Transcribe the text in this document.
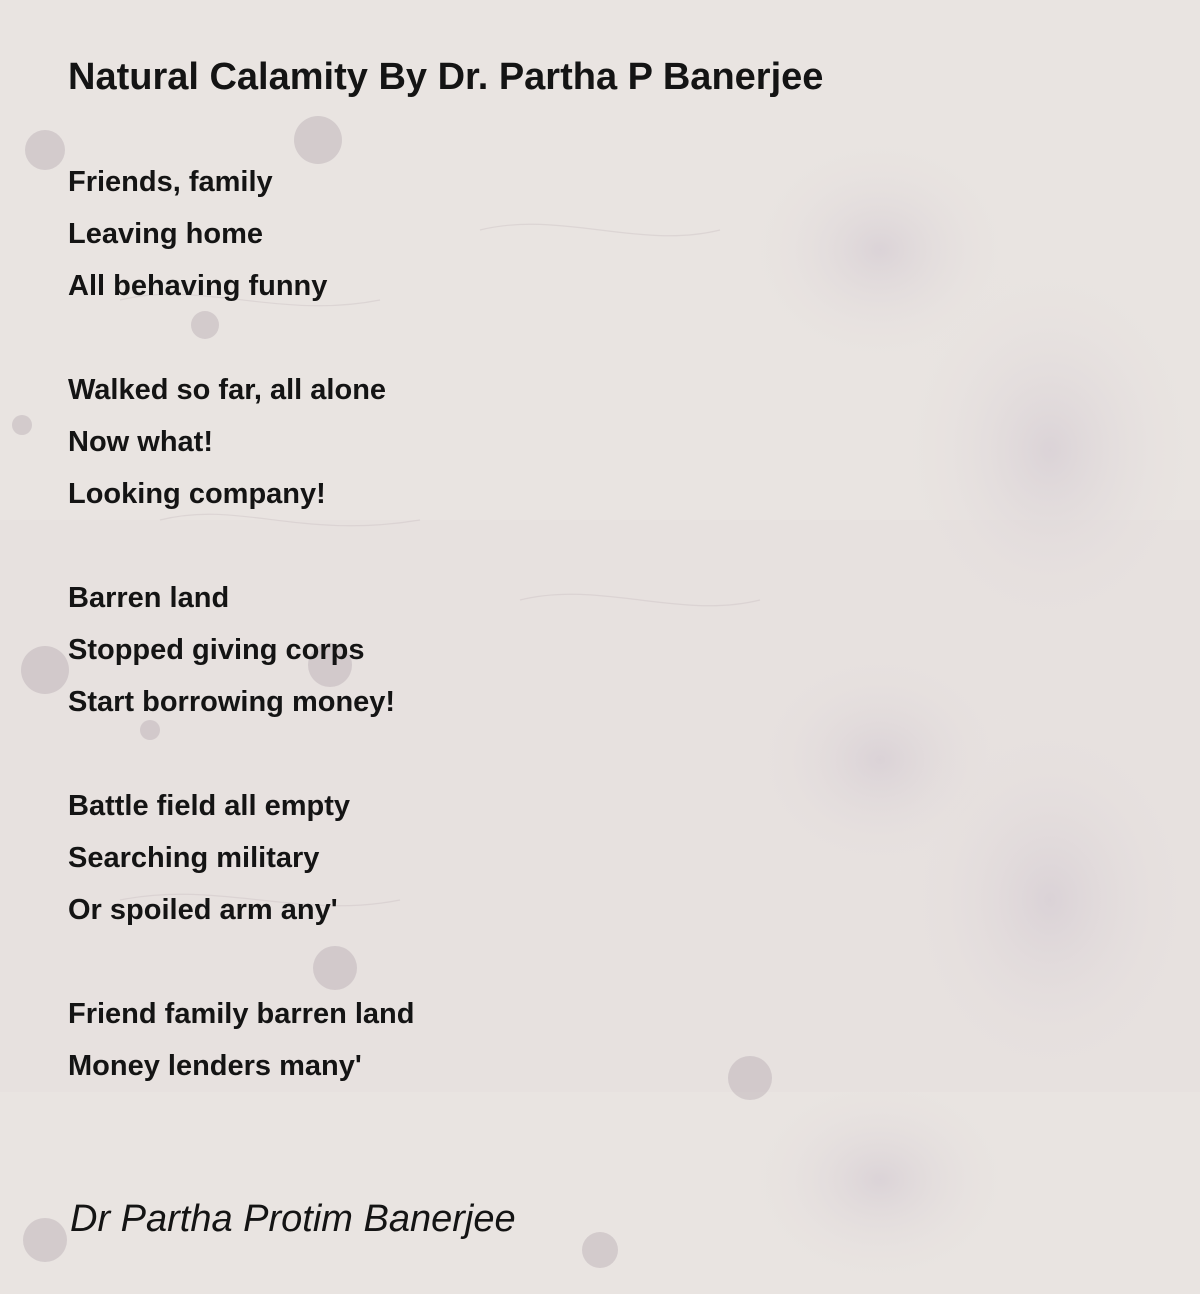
Natural Calamity By Dr. Partha P Banerjee
Friends, family
Leaving home
All behaving funny
Walked so far, all alone
Now what!
Looking company!
Barren land
Stopped giving corps
Start borrowing money!
Battle field all empty
Searching military
Or spoiled arm any'
Friend family barren land
Money lenders many'
Dr Partha Protim Banerjee
